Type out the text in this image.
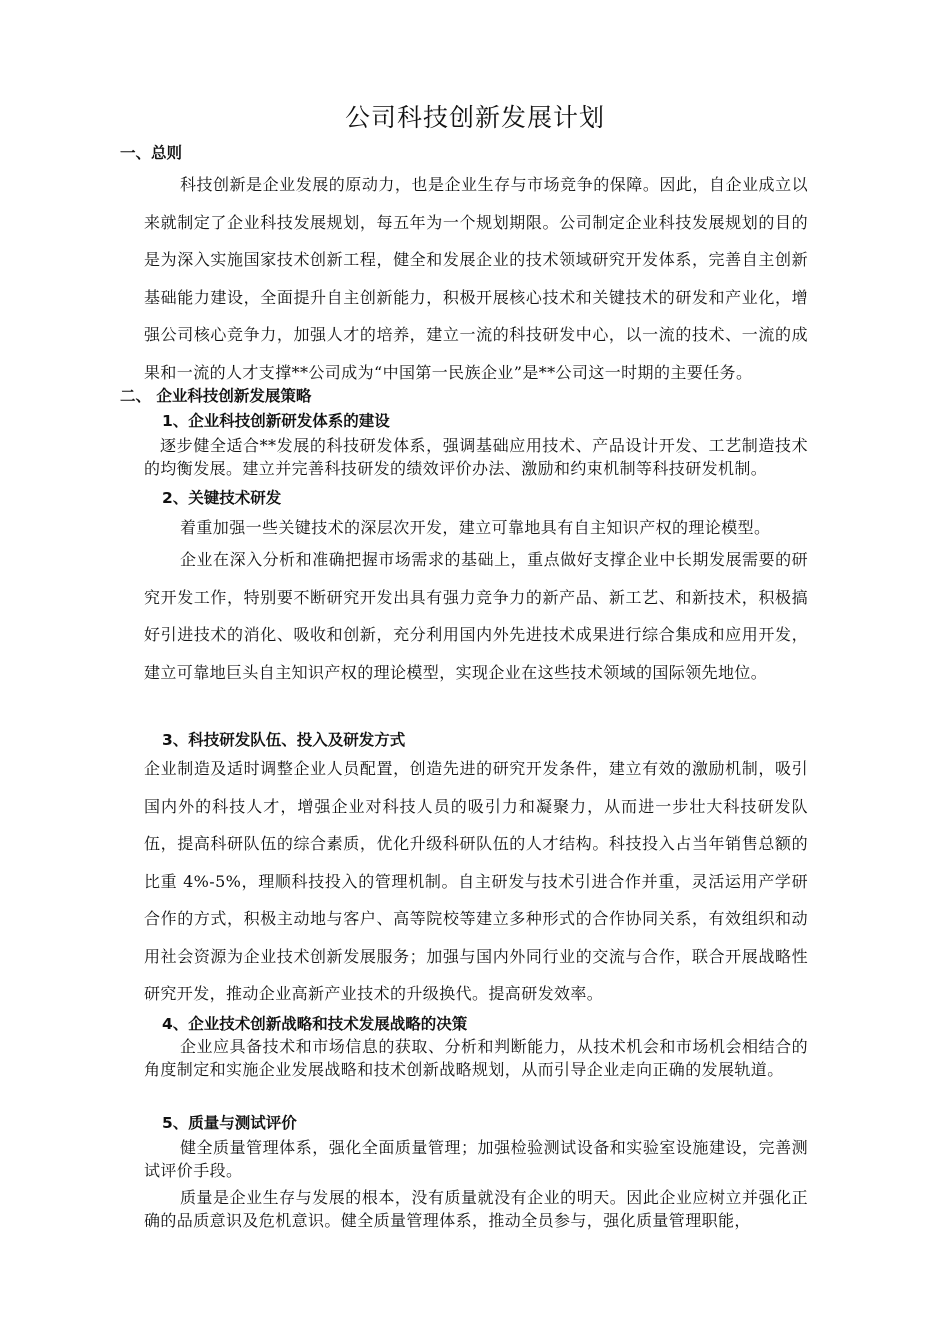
公司科技创新发展计划
一、总则

科技创新是企业发展的原动力，也是企业生存与市场竞争的保障。因此，自企业成立以来就制定了企业科技发展规划，每五年为一个规划期限。公司制定企业科技发展规划的目的是为深入实施国家技术创新工程，健全和发展企业的技术领域研究开发体系，完善自主创新基础能力建设，全面提升自主创新能力，积极开展核心技术和关键技术的研发和产业化，增强公司核心竞争力，加强人才的培养，建立一流的科技研发中心，以一流的技术、一流的成果和一流的人才支撑**公司成为“中国第一民族企业”是**公司这一时期的主要任务。

二、 企业科技创新发展策略
1、企业科技创新研发体系的建设

逐步健全适合**发展的科技研发体系，强调基础应用技术、产品设计开发、工艺制造技术的均衡发展。建立并完善科技研发的绩效评价办法、激励和约束机制等科技研发机制。

2、关键技术研发

着重加强一些关键技术的深层次开发，建立可靠地具有自主知识产权的理论模型。

企业在深入分析和准确把握市场需求的基础上，重点做好支撑企业中长期发展需要的研究开发工作，特别要不断研究开发出具有强力竞争力的新产品、新工艺、和新技术，积极搞好引进技术的消化、吸收和创新，充分利用国内外先进技术成果进行综合集成和应用开发，建立可靠地巨头自主知识产权的理论模型，实现企业在这些技术领域的国际领先地位。

3、科技研发队伍、投入及研发方式

企业制造及适时调整企业人员配置，创造先进的研究开发条件，建立有效的激励机制，吸引国内外的科技人才，增强企业对科技人员的吸引力和凝聚力，从而进一步壮大科技研发队伍，提高科研队伍的综合素质，优化升级科研队伍的人才结构。科技投入占当年销售总额的比重 4%-5%，理顺科技投入的管理机制。自主研发与技术引进合作并重，灵活运用产学研合作的方式，积极主动地与客户、高等院校等建立多种形式的合作协同关系，有效组织和动用社会资源为企业技术创新发展服务；加强与国内外同行业的交流与合作，联合开展战略性研究开发，推动企业高新产业技术的升级换代。提高研发效率。

4、企业技术创新战略和技术发展战略的决策

企业应具备技术和市场信息的获取、分析和判断能力，从技术机会和市场机会相结合的角度制定和实施企业发展战略和技术创新战略规划，从而引导企业走向正确的发展轨道。

5、质量与测试评价

健全质量管理体系，强化全面质量管理；加强检验测试设备和实验室设施建设，完善测试评价手段。

质量是企业生存与发展的根本，没有质量就没有企业的明天。因此企业应树立并强化正确的品质意识及危机意识。健全质量管理体系，推动全员参与，强化质量管理职能，
